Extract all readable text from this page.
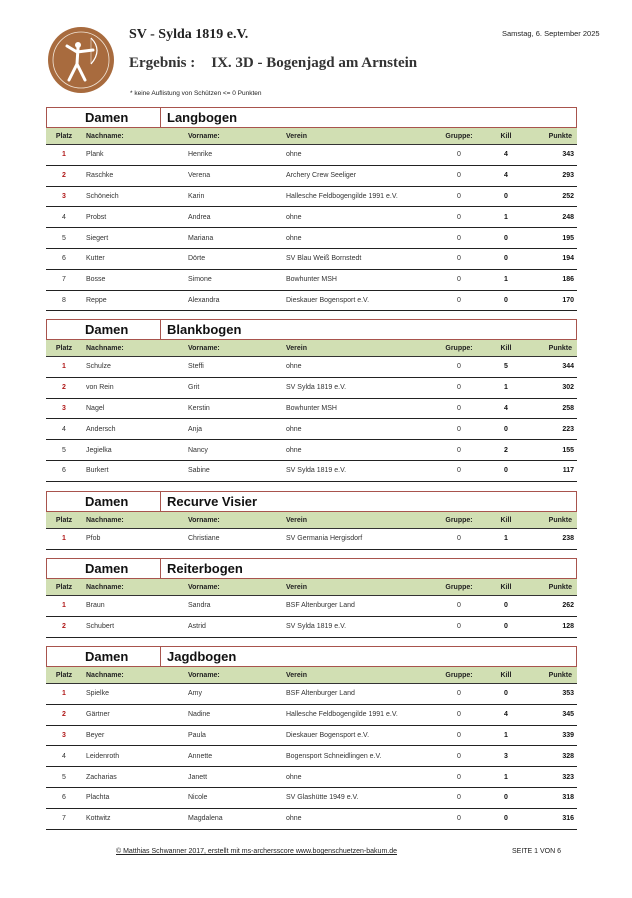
SV - Sylda 1819 e.V.
Ergebnis : IX. 3D - Bogenjagd am Arnstein
Samstag, 6. September 2025
* keine Auflistung von Schützen <= 0 Punkten
Damen	Langbogen
Platz	Nachname:	Vorname:	Verein	Gruppe:	Kill	Punkte
1	Plank	Henrike	ohne	0	4	343
2	Raschke	Verena	Archery Crew Seeliger	0	4	293
3	Schöneich	Karin	Hallesche Feldbogengilde 1991 e.V.	0	0	252
4	Probst	Andrea	ohne	0	1	248
5	Siegert	Mariana	ohne	0	0	195
6	Kutter	Dörte	SV Blau Weiß Bornstedt	0	0	194
7	Bosse	Simone	Bowhunter MSH	0	1	186
8	Reppe	Alexandra	Dieskauer Bogensport e.V.	0	0	170
Damen	Blankbogen
Platz	Nachname:	Vorname:	Verein	Gruppe:	Kill	Punkte
1	Schulze	Steffi	ohne	0	5	344
2	von Rein	Grit	SV Sylda 1819 e.V.	0	1	302
3	Nagel	Kerstin	Bowhunter MSH	0	4	258
4	Andersch	Anja	ohne	0	0	223
5	Jegielka	Nancy	ohne	0	2	155
6	Burkert	Sabine	SV Sylda 1819 e.V.	0	0	117
Damen	Recurve Visier
Platz	Nachname:	Vorname:	Verein	Gruppe:	Kill	Punkte
1	Pfob	Christiane	SV Germania Hergisdorf	0	1	238
Damen	Reiterbogen
Platz	Nachname:	Vorname:	Verein	Gruppe:	Kill	Punkte
1	Braun	Sandra	BSF Altenburger Land	0	0	262
2	Schubert	Astrid	SV Sylda 1819 e.V.	0	0	128
Damen	Jagdbogen
Platz	Nachname:	Vorname:	Verein	Gruppe:	Kill	Punkte
1	Spielke	Amy	BSF Altenburger Land	0	0	353
2	Gärtner	Nadine	Hallesche Feldbogengilde 1991 e.V.	0	4	345
3	Beyer	Paula	Dieskauer Bogensport e.V.	0	1	339
4	Leidenroth	Annette	Bogensport Schneidlingen e.V.	0	3	328
5	Zacharias	Janett	ohne	0	1	323
6	Plachta	Nicole	SV Glashütte 1949 e.V.	0	0	318
7	Kottwitz	Magdalena	ohne	0	0	316
© Matthias Schwanner 2017, erstellt mit ms-archersscore www.bogenschuetzen-bakum.de	SEITE 1 VON 6
